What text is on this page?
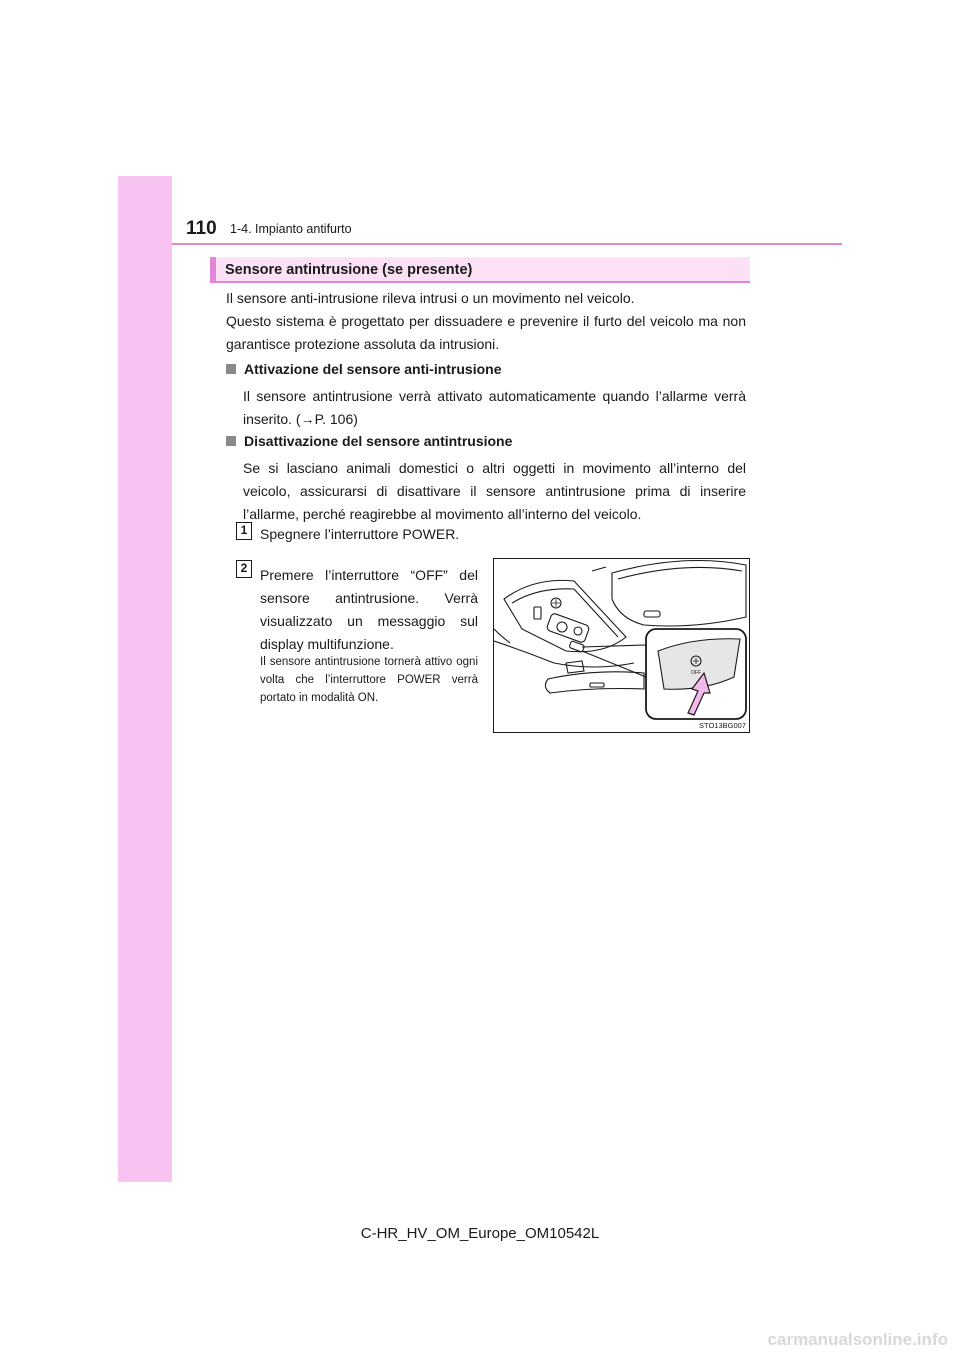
110 1-4. Impianto antifurto
Sensore antintrusione (se presente)

Il sensore anti-intrusione rileva intrusi o un movimento nel veicolo.

Questo sistema è progettato per dissuadere e prevenire il furto del veicolo ma non garantisce protezione assoluta da intrusioni.

Attivazione del sensore anti-intrusione

Il sensore antintrusione verrà attivato automaticamente quando l’allarme verrà inserito. (→P. 106)

Disattivazione del sensore antintrusione

Se si lasciano animali domestici o altri oggetti in movimento all’interno del veicolo, assicurarsi di disattivare il sensore antintrusione prima di inserire l’allarme, perché reagirebbe al movimento all’interno del veicolo.

1 Spegnere l’interruttore POWER.
2 Premere l’interruttore “OFF” del sensore antintrusione. Verrà visualizzato un messaggio sul display multifunzione.

Il sensore antintrusione tornerà attivo ogni volta che l’interruttore POWER verrà portato in modalità ON.

OFF
STO13BG007
C-HR_HV_OM_Europe_OM10542L
carmanualsonline.info
